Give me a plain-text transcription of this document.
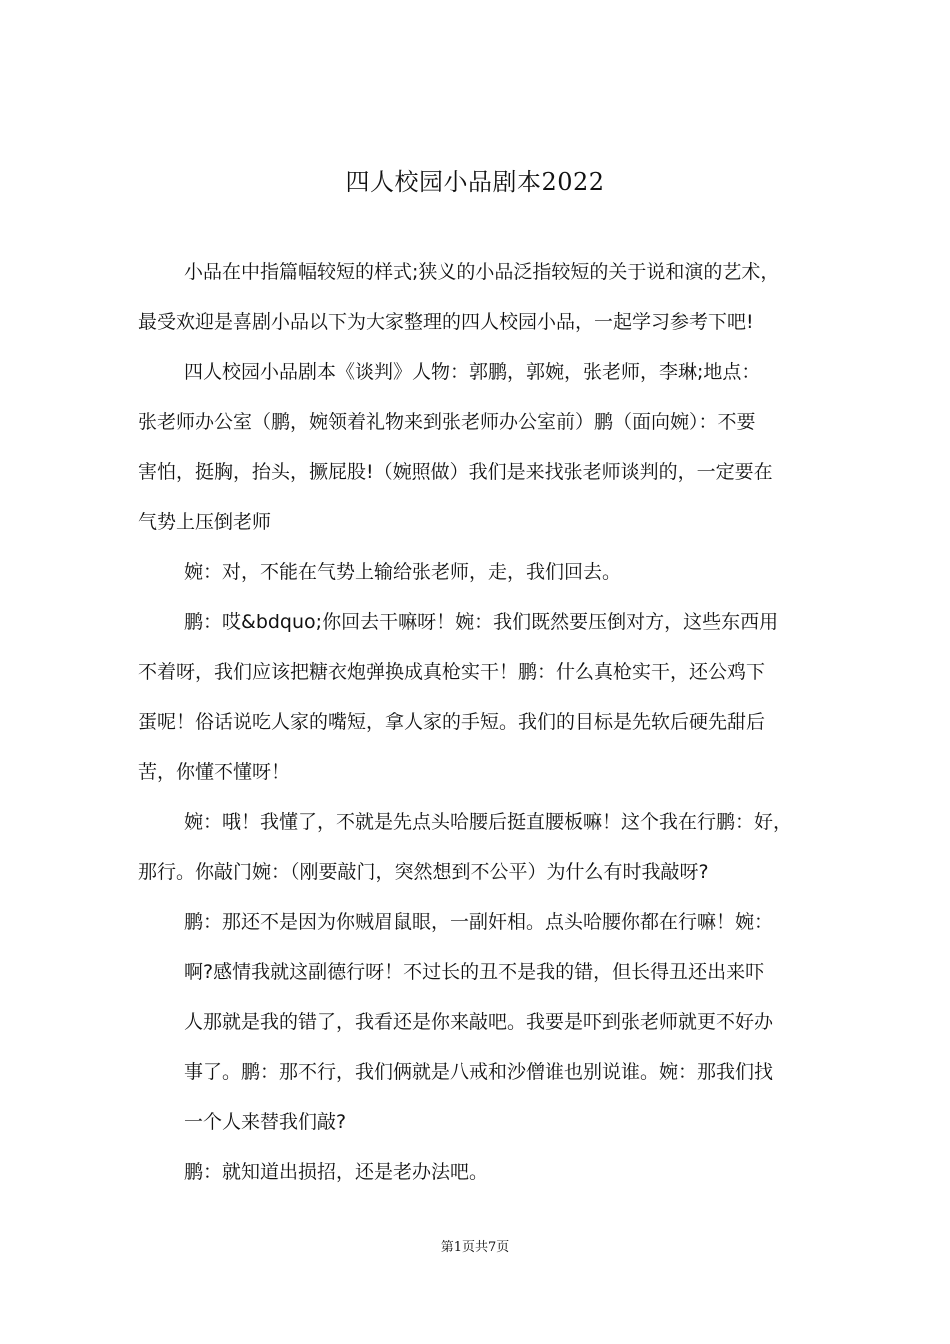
四人校园小品剧本2022
小品在中指篇幅较短的样式;狭义的小品泛指较短的关于说和演的艺术，
最受欢迎是喜剧小品以下为大家整理的四人校园小品，一起学习参考下吧!
四人校园小品剧本《谈判》人物：郭鹏，郭婉，张老师，李琳;地点：
张老师办公室（鹏，婉领着礼物来到张老师办公室前）鹏（面向婉）：不要
害怕，挺胸，抬头，撅屁股!（婉照做）我们是来找张老师谈判的，一定要在
气势上压倒老师
婉：对，不能在气势上输给张老师，走，我们回去。
鹏：哎&bdquo;你回去干嘛呀！婉：我们既然要压倒对方，这些东西用
不着呀，我们应该把糖衣炮弹换成真枪实干！鹏：什么真枪实干，还公鸡下
蛋呢！俗话说吃人家的嘴短，拿人家的手短。我们的目标是先软后硬先甜后
苦，你懂不懂呀！
婉：哦！我懂了，不就是先点头哈腰后挺直腰板嘛！这个我在行鹏：好，
那行。你敲门婉：（刚要敲门，突然想到不公平）为什么有时我敲呀?
鹏：那还不是因为你贼眉鼠眼，一副奸相。点头哈腰你都在行嘛！婉：
啊?感情我就这副德行呀！不过长的丑不是我的错，但长得丑还出来吓
人那就是我的错了，我看还是你来敲吧。我要是吓到张老师就更不好办
事了。鹏：那不行，我们俩就是八戒和沙僧谁也别说谁。婉：那我们找
一个人来替我们敲?
鹏：就知道出损招，还是老办法吧。
第1页共7页
